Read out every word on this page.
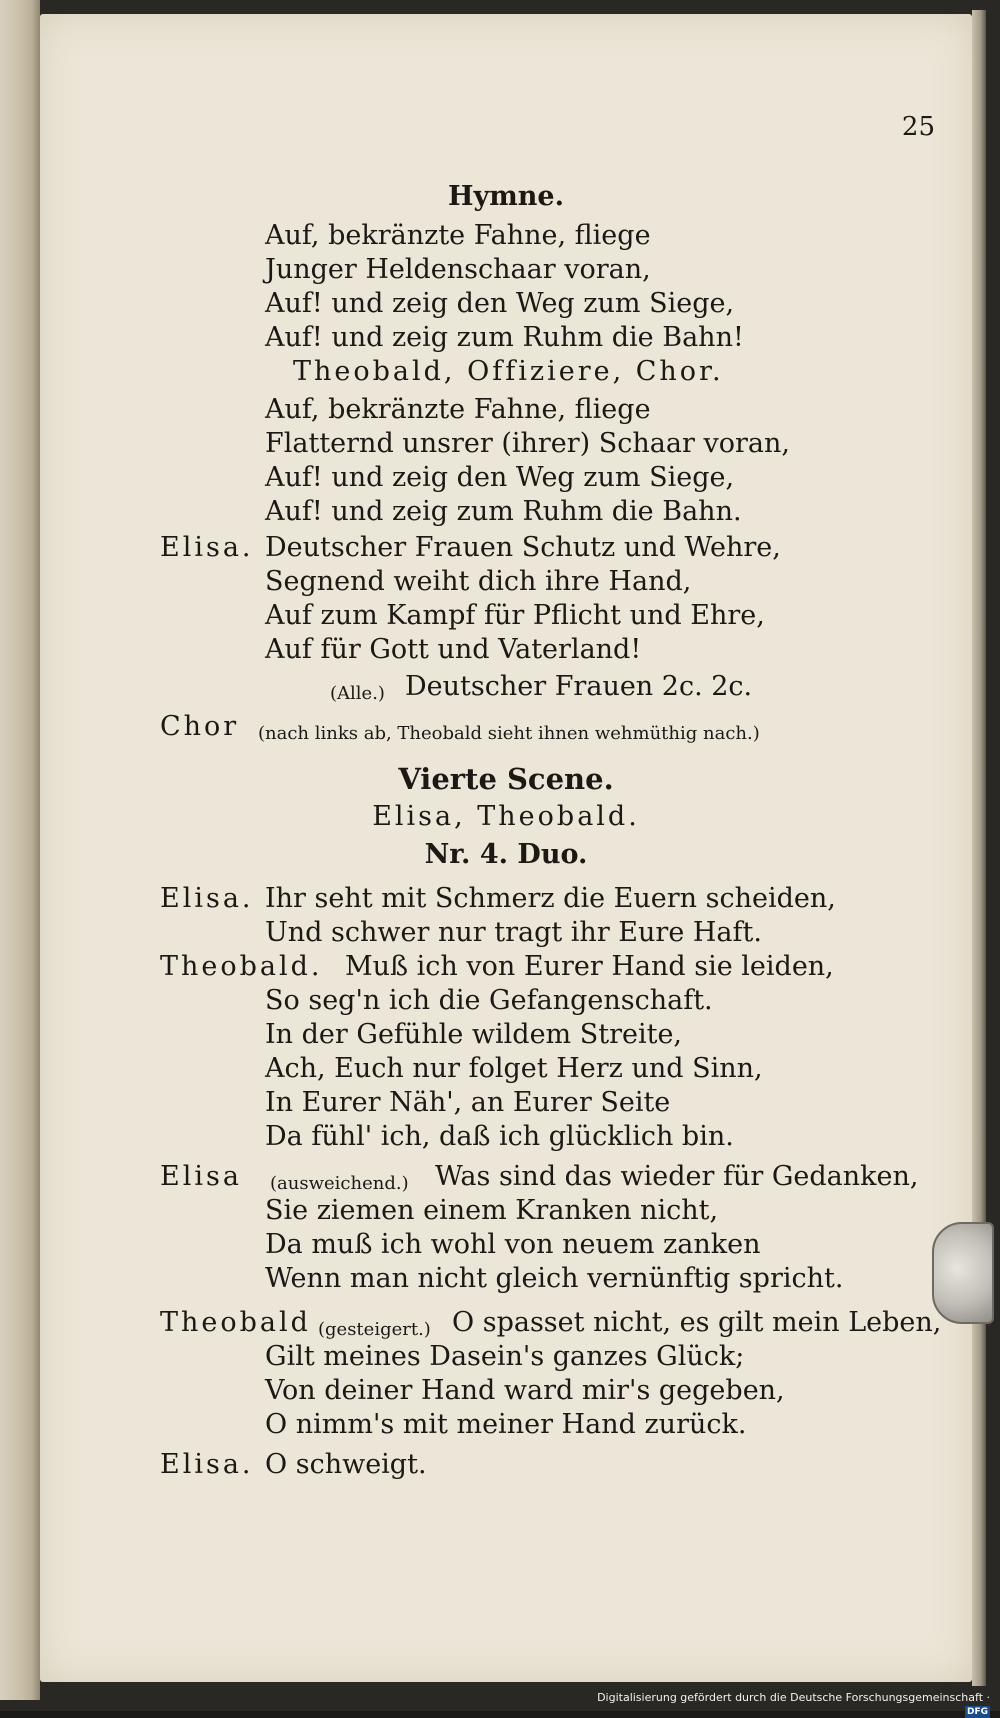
25

Hymne.

Auf, bekränzte Fahne, fliege

Junger Heldenschaar voran,

Auf! und zeig den Weg zum Siege,

Auf! und zeig zum Ruhm die Bahn!

Theobald, Offiziere, Chor.

Auf, bekränzte Fahne, fliege

Flatternd unsrer (ihrer) Schaar voran,

Auf! und zeig den Weg zum Siege,

Auf! und zeig zum Ruhm die Bahn.

Elisa. Deutscher Frauen Schutz und Wehre,

Segnend weiht dich ihre Hand,

Auf zum Kampf für Pflicht und Ehre,

Auf für Gott und Vaterland!

(Alle.) Deutscher Frauen 2c. 2c.

Chor (nach links ab, Theobald sieht ihnen wehmüthig nach.)

Vierte Scene.

Elisa, Theobald.

Nr. 4. Duo.

Elisa. Ihr seht mit Schmerz die Euern scheiden,

Und schwer nur tragt ihr Eure Haft.

Theobald. Muß ich von Eurer Hand sie leiden,

So seg'n ich die Gefangenschaft.

In der Gefühle wildem Streite,

Ach, Euch nur folget Herz und Sinn,

In Eurer Näh', an Eurer Seite

Da fühl' ich, daß ich glücklich bin.

Elisa (ausweichend.) Was sind das wieder für Gedanken,

Sie ziemen einem Kranken nicht,

Da muß ich wohl von neuem zanken

Wenn man nicht gleich vernünftig spricht.

Theobald (gesteigert.) O spasset nicht, es gilt mein Leben,

Gilt meines Dasein's ganzes Glück;

Von deiner Hand ward mir's gegeben,

O nimm's mit meiner Hand zurück.

Elisa. O schweigt.

Digitalisierung gefördert durch die Deutsche Forschungsgemeinschaft ·DFG
